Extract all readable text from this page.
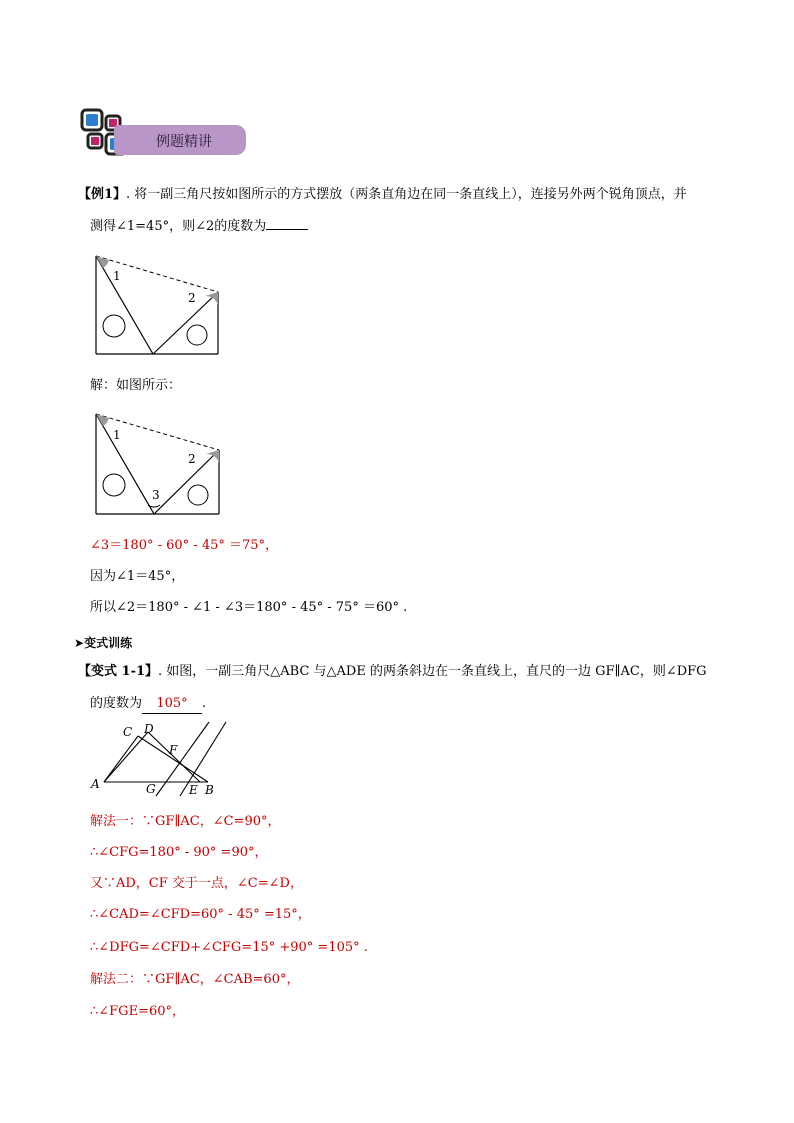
例题精讲
【例1】. 将一副三角尺按如图所示的方式摆放（两条直角边在同一条直线上），连接另外两个锐角顶点，并
测得∠1=45°，则∠2的度数为
1
2
解：如图所示：
1
2
3
∠3＝180° - 60° - 45° ＝75°，
因为∠1＝45°，
所以∠2＝180° - ∠1 - ∠3＝180° - 45° - 75° ＝60° .
➤变式训练
【变式 1-1】. 如图，一副三角尺△ABC 与△ADE 的两条斜边在一条直线上，直尺的一边 GF∥AC，则∠DFG
的度数为 105° .
A
C D
F
G	E B
解法一：∵GF∥AC，∠C=90°，
∴∠CFG=180° - 90° =90°，
又∵AD，CF 交于一点，∠C=∠D，
∴∠CAD=∠CFD=60° - 45° =15°，
∴∠DFG=∠CFD+∠CFG=15° +90° =105° .
解法二：∵GF∥AC，∠CAB=60°，
∴∠FGE=60°，
